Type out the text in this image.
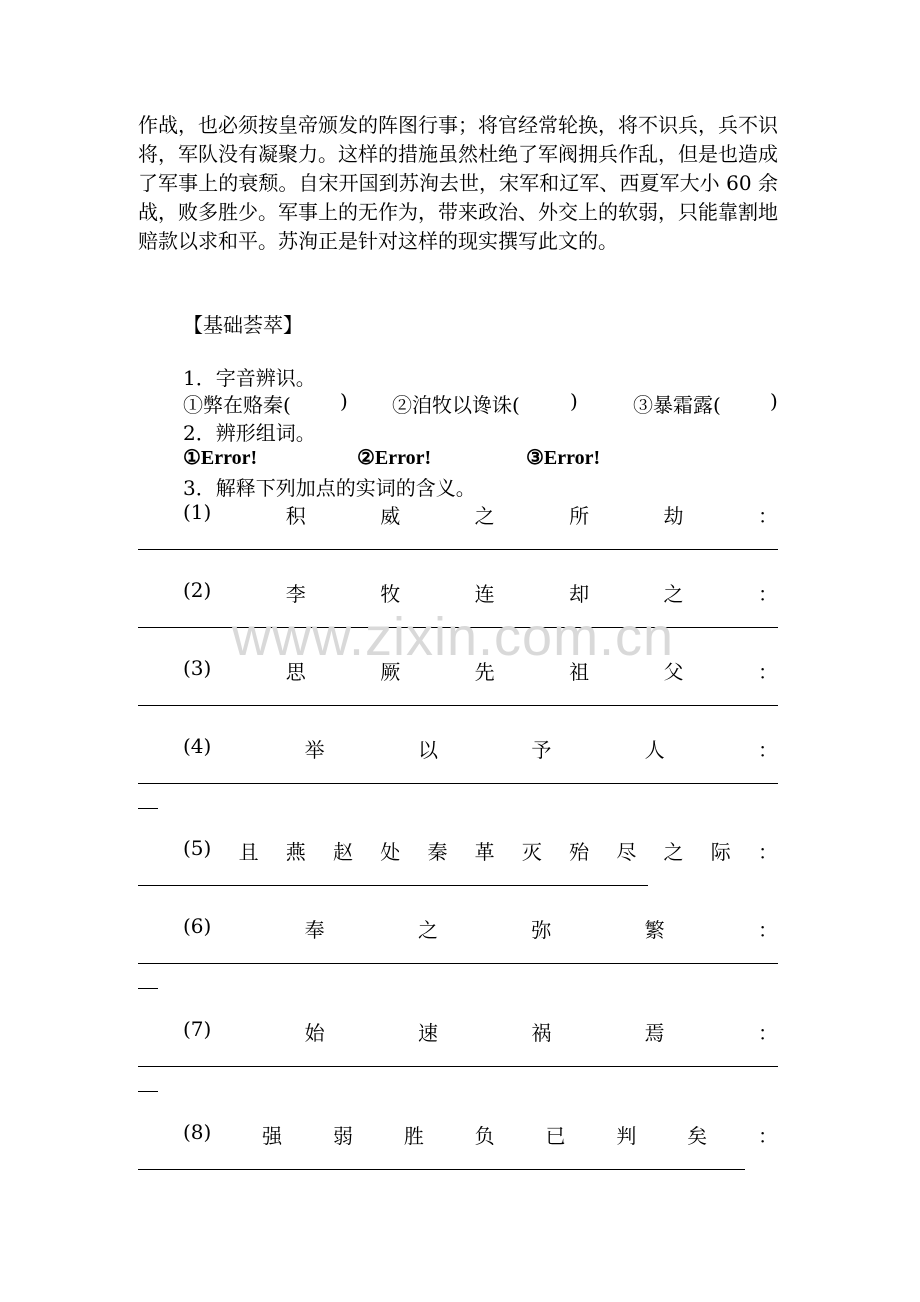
作战，也必须按皇帝颁发的阵图行事；将官经常轮换，将不识兵，兵不识将，军队没有凝聚力。这样的措施虽然杜绝了军阀拥兵作乱，但是也造成了军事上的衰颓。自宋开国到苏洵去世，宋军和辽军、西夏军大小 60 余战，败多胜少。军事上的无作为，带来政治、外交上的软弱，只能靠割地赔款以求和平。苏洵正是针对这样的现实撰写此文的。
【基础荟萃】
1．字音辨识。
①弊在赂秦( ) ②洎牧以谗诛(	)	③暴霜露( )
2．辨形组词。
①Error!	②Error!	③Error!
3．解释下列加点的实词的含义。
(1)	积	威	之	所	劫	：
(2)	李	牧	连	却	之	：
(3)	思	厥	先	祖	父	：
(4)	举	以	予	人	：
(5) 且 燕 赵 处 秦 革 灭 殆 尽 之 际 ：
(6)	奉	之	弥	繁	：
(7)	始	速	祸	焉	：
(8)	强	弱	胜	负	已	判	矣	：
www.zixin.com.cn
